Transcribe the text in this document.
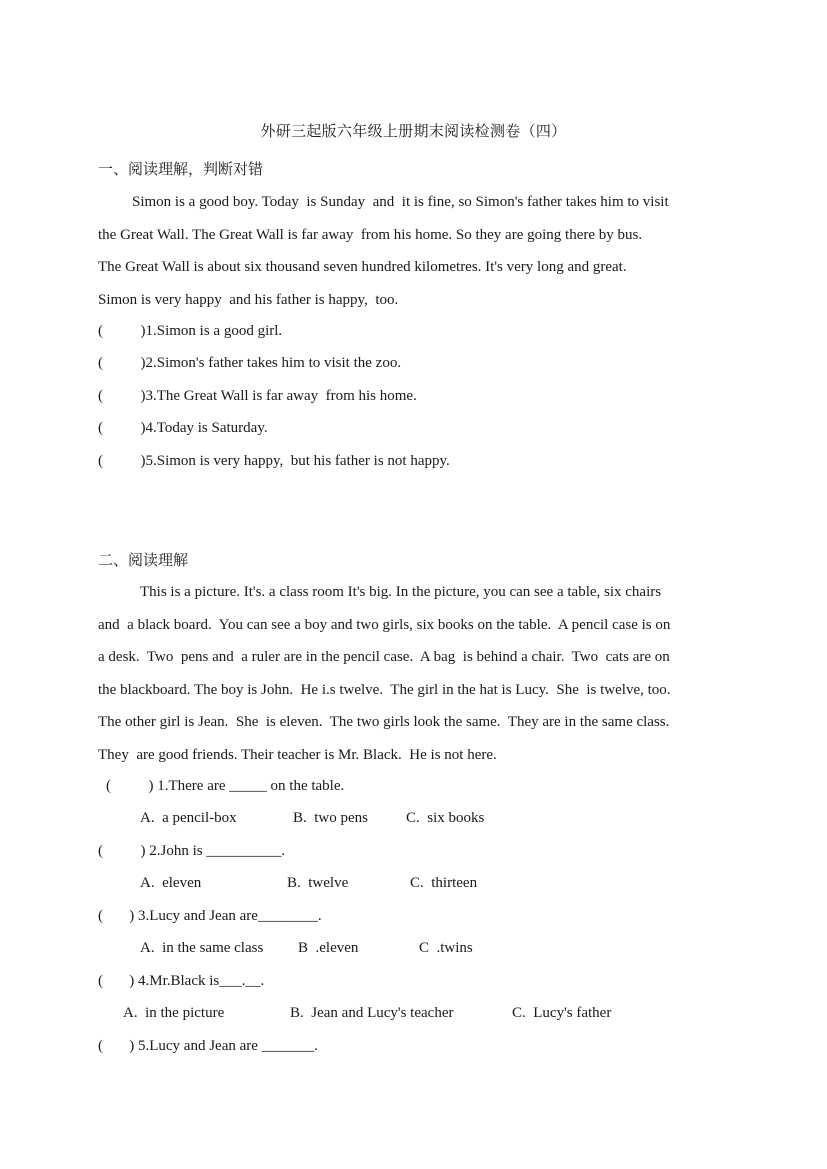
外研三起版六年级上册期末阅读检测卷（四）
一、阅读理解，判断对错
Simon is a good boy. Today  is Sunday  and  it is fine, so Simon's father takes him to visit
the Great Wall. The Great Wall is far away  from his home. So they are going there by bus.
The Great Wall is about six thousand seven hundred kilometres. It's very long and great.
Simon is very happy  and his father is happy,  too.
(          )1.Simon is a good girl.
(          )2.Simon's father takes him to visit the zoo.
(          )3.The Great Wall is far away  from his home.
(          )4.Today is Saturday.
(          )5.Simon is very happy,  but his father is not happy.
二、阅读理解
This is a picture. It's. a class room It's big. In the picture, you can see a table, six chairs
and  a black board.  You can see a boy and two girls, six books on the table.  A pencil case is on
a desk.  Two  pens and  a ruler are in the pencil case.  A bag  is behind a chair.  Two  cats are on
the blackboard. The boy is John.  He i.s twelve.  The girl in the hat is Lucy.  She  is twelve, too.
The other girl is Jean.  She  is eleven.  The two girls look the same.  They are in the same class.
They  are good friends. Their teacher is Mr. Black.  He is not here.
(          ) 1.There are _____ on the table.
A.  a pencil-box	B.  two pens	C.  six books
(          ) 2.John is __________.
A.  eleven	B.  twelve	C.  thirteen
(       ) 3.Lucy and Jean are________.
A.  in the same class B  .eleven	C  .twins
(       ) 4.Mr.Black is___.__.
A.  in the picture	B.  Jean and Lucy's teacher	C.  Lucy's father
(       ) 5.Lucy and Jean are _______.
